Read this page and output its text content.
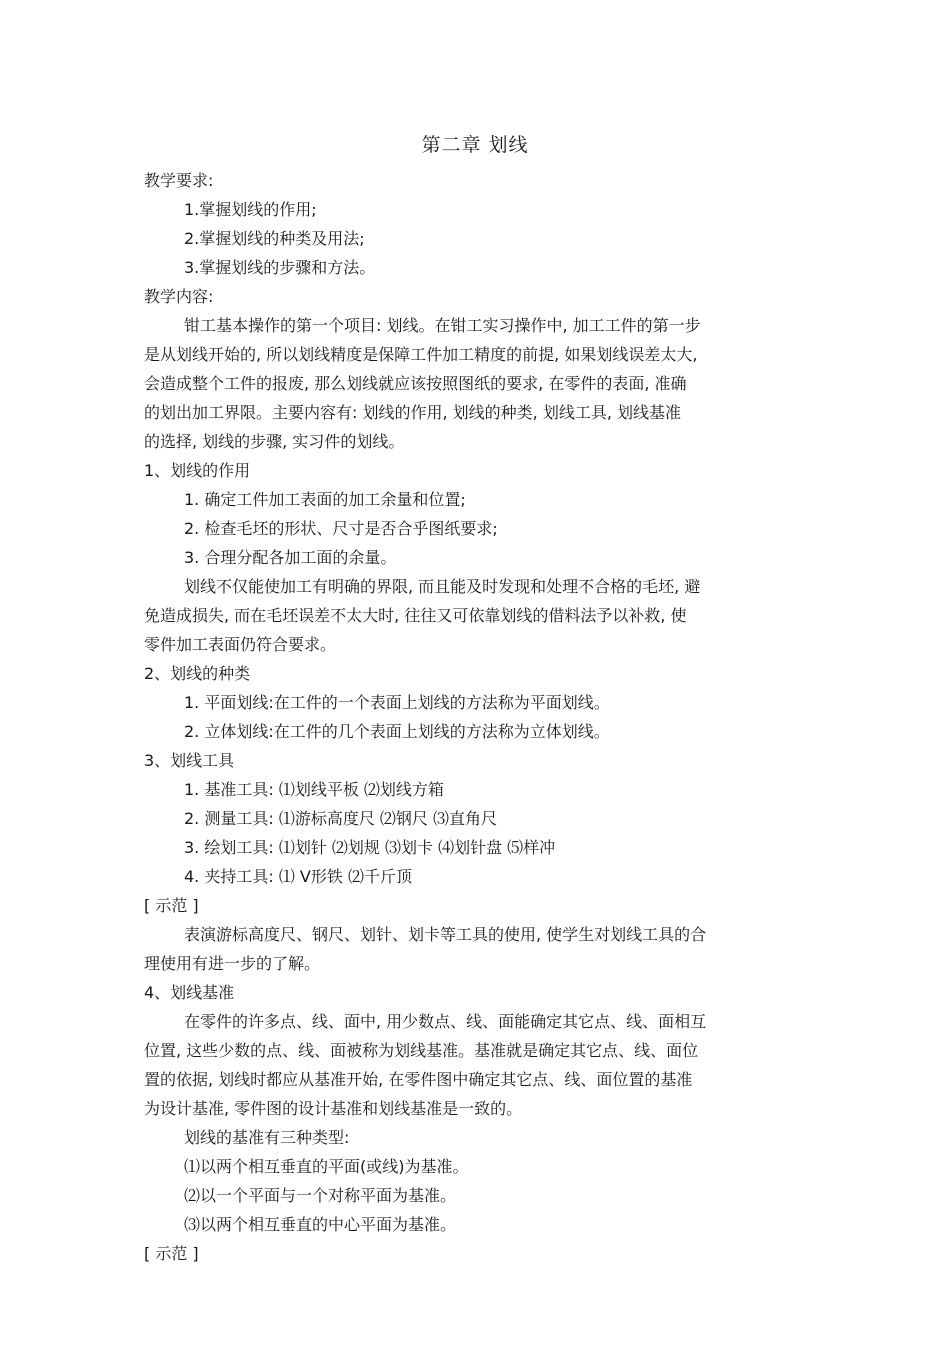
第二章 划线
教学要求:
1.掌握划线的作用;
2.掌握划线的种类及用法;
3.掌握划线的步骤和方法。
教学内容:
钳工基本操作的第一个项目: 划线。在钳工实习操作中, 加工工件的第一步
是从划线开始的, 所以划线精度是保障工件加工精度的前提, 如果划线误差太大,
会造成整个工件的报废, 那么划线就应该按照图纸的要求, 在零件的表面, 准确
的划出加工界限。主要内容有: 划线的作用, 划线的种类, 划线工具, 划线基准
的选择, 划线的步骤, 实习件的划线。
1、划线的作用
1. 确定工件加工表面的加工余量和位置;
2. 检查毛坯的形状、尺寸是否合乎图纸要求;
3. 合理分配各加工面的余量。
划线不仅能使加工有明确的界限, 而且能及时发现和处理不合格的毛坯, 避
免造成损失, 而在毛坯误差不太大时, 往往又可依靠划线的借料法予以补救, 使
零件加工表面仍符合要求。
2、划线的种类
1. 平面划线:在工件的一个表面上划线的方法称为平面划线。
2. 立体划线:在工件的几个表面上划线的方法称为立体划线。
3、划线工具
1. 基准工具: ⑴划线平板 ⑵划线方箱
2. 测量工具: ⑴游标高度尺 ⑵钢尺 ⑶直角尺
3. 绘划工具: ⑴划针 ⑵划规 ⑶划卡 ⑷划针盘 ⑸样冲
4. 夹持工具: ⑴ V形铁 ⑵千斤顶
[ 示范 ]
表演游标高度尺、钢尺、划针、划卡等工具的使用, 使学生对划线工具的合
理使用有进一步的了解。
4、划线基准
在零件的许多点、线、面中, 用少数点、线、面能确定其它点、线、面相互
位置, 这些少数的点、线、面被称为划线基准。基准就是确定其它点、线、面位
置的依据, 划线时都应从基准开始, 在零件图中确定其它点、线、面位置的基准
为设计基准, 零件图的设计基准和划线基准是一致的。
划线的基准有三种类型:
⑴以两个相互垂直的平面(或线)为基准。
⑵以一个平面与一个对称平面为基准。
⑶以两个相互垂直的中心平面为基准。
[ 示范 ]
